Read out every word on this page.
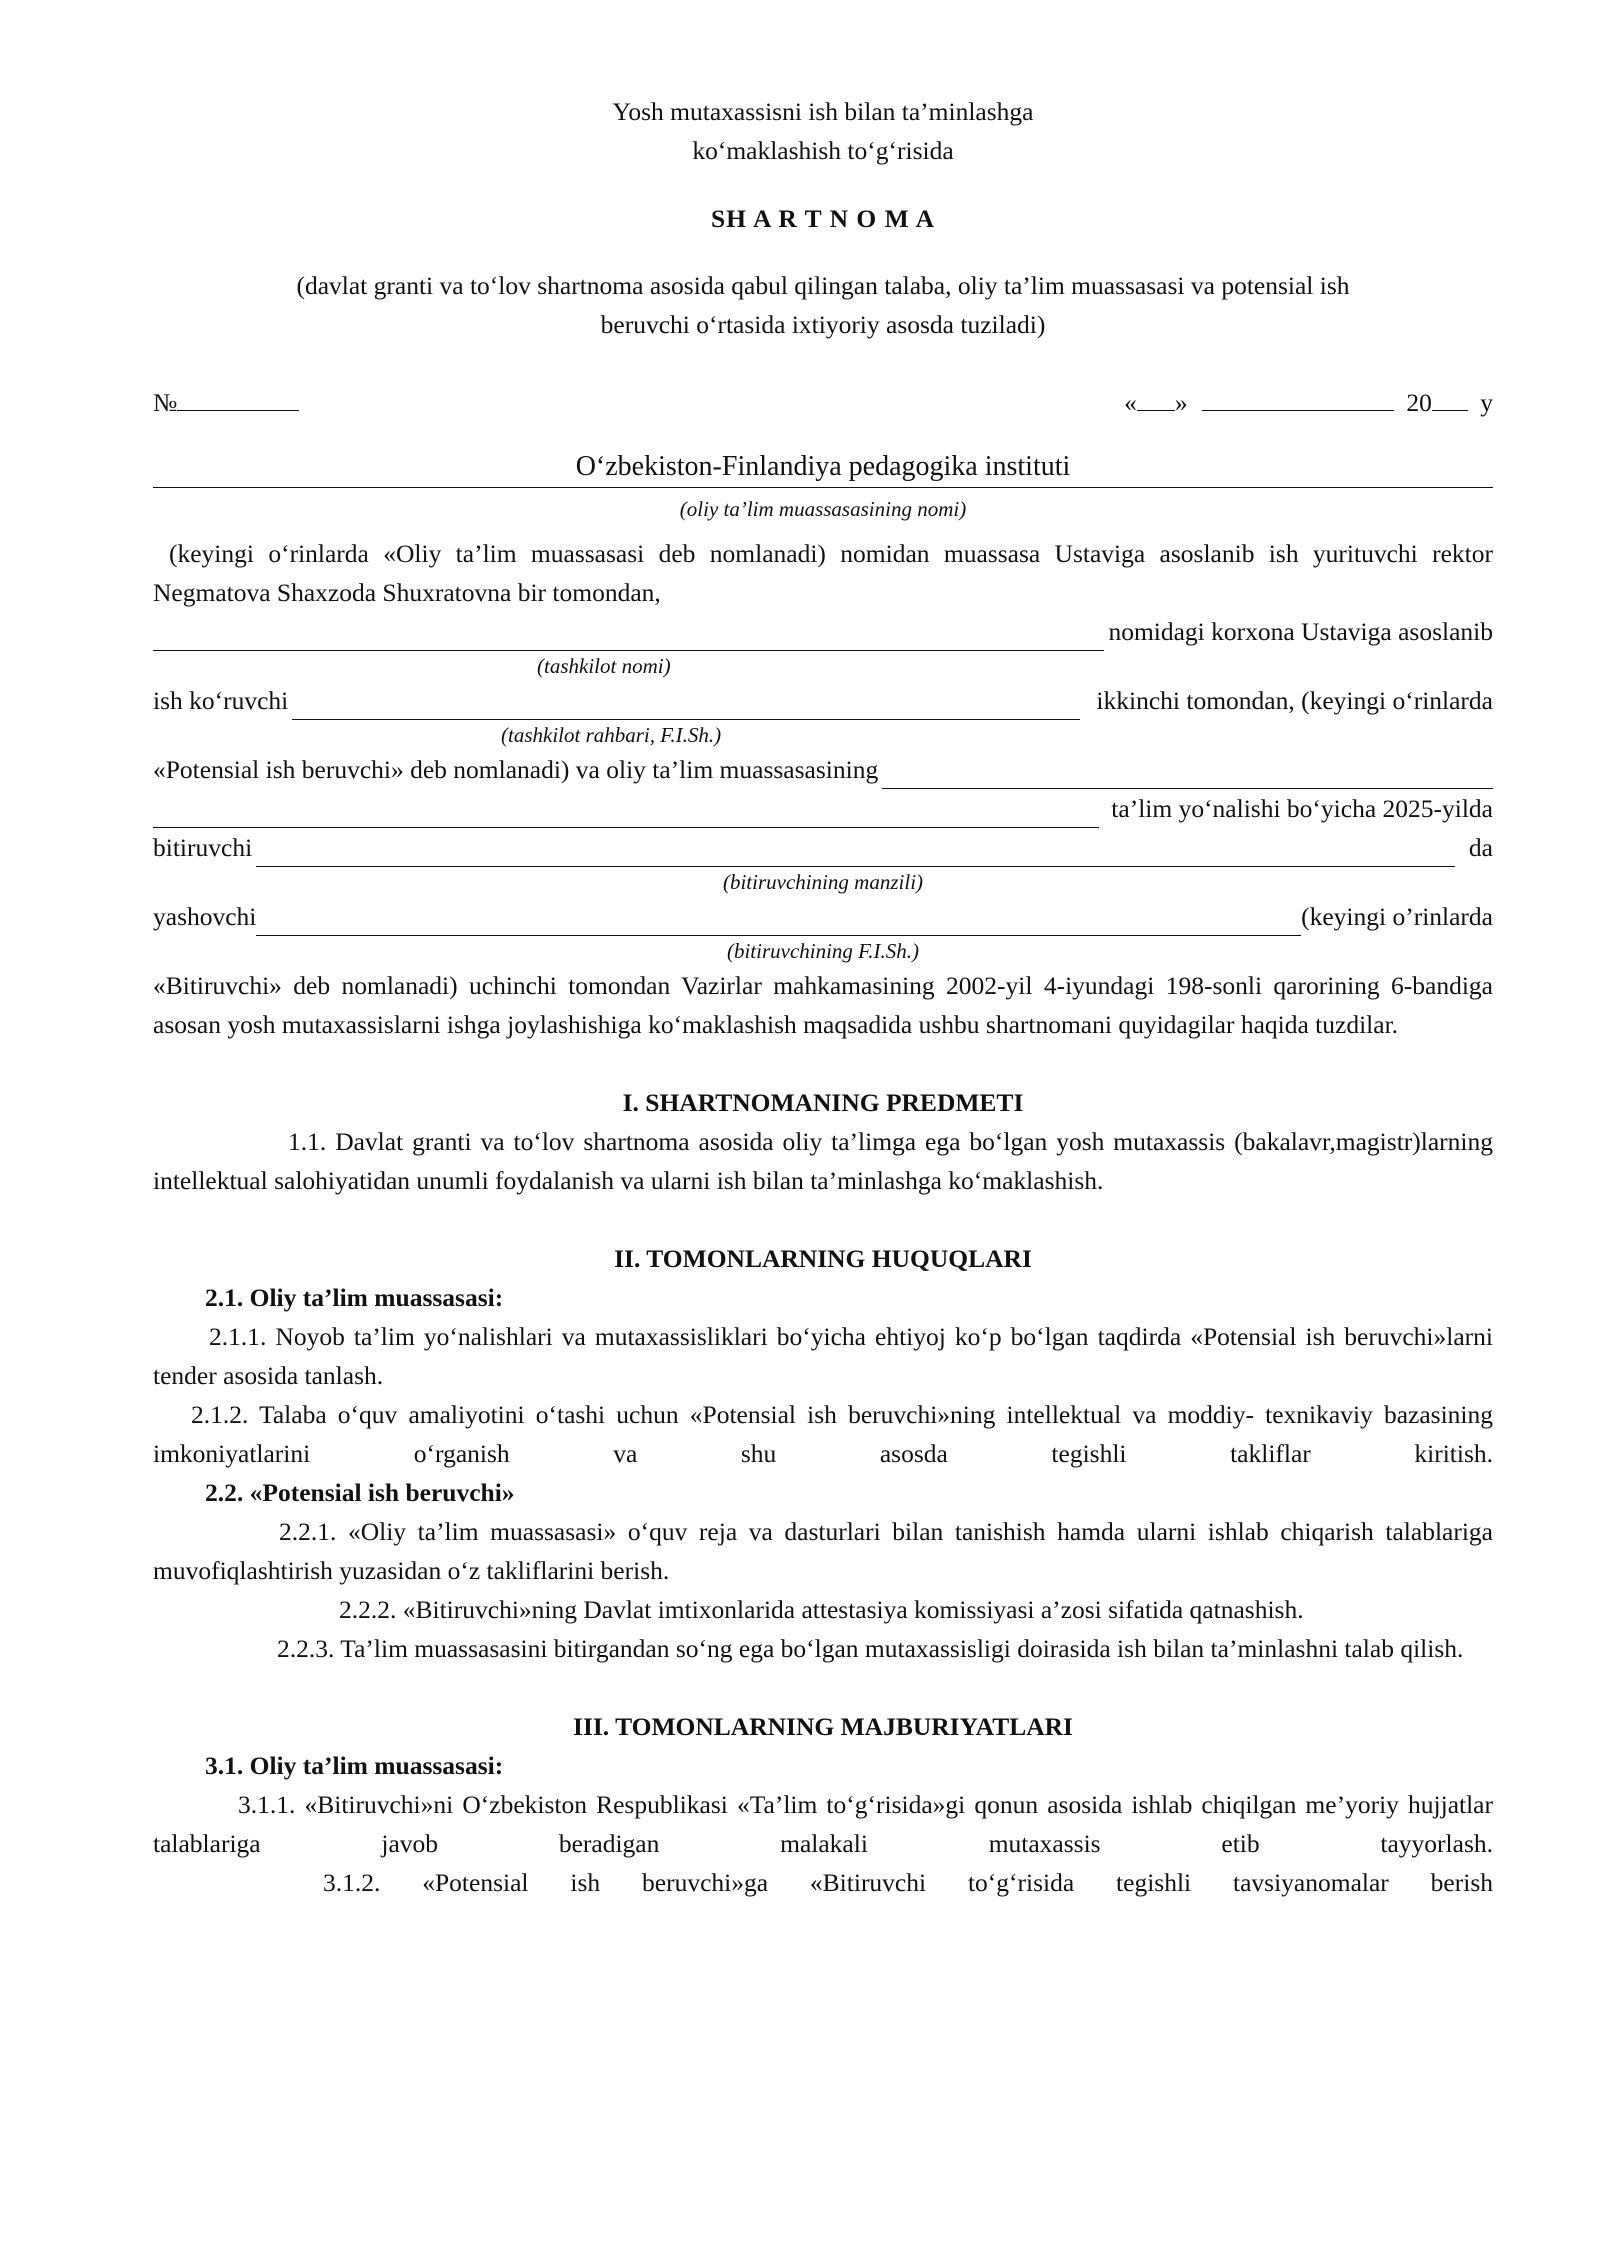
Yosh mutaxassisni ish bilan ta’minlashga

ko‘maklashish to‘g‘risida

SH A R T N O M A

(davlat granti va to‘lov shartnoma asosida qabul qilingan talaba, oliy ta’lim muassasasi va potensial ish

beruvchi o‘rtasida ixtiyoriy asosda tuziladi)

№	« »	20 y
O‘zbekiston-Finlandiya pedagogika instituti

(oliy ta’lim muassasasining nomi)

(keyingi o‘rinlarda «Oliy ta’lim muassasasi deb nomlanadi) nomidan muassasa Ustaviga asoslanib ish yurituvchi rektor Negmatova Shaxzoda Shuxratovna bir tomondan,

nomidagi korxona Ustaviga asoslanib

(tashkilot nomi)

ish ko‘ruvchi	ikkinchi tomondan, (keyingi o‘rinlarda

(tashkilot rahbari, F.I.Sh.)

«Potensial ish beruvchi» deb nomlanadi) va oliy ta’lim muassasasining
ta’lim yo‘nalishi bo‘yicha 2025-yilda
bitiruvchi	da

(bitiruvchining manzili)

yashovchi	(keyingi o’rinlarda

(bitiruvchining F.I.Sh.)

«Bitiruvchi» deb nomlanadi) uchinchi tomondan Vazirlar mahkamasining 2002-yil 4-iyundagi 198-sonli qarorining 6-bandiga asosan yosh mutaxassislarni ishga joylashishiga ko‘maklashish maqsadida ushbu shartnomani quyidagilar haqida tuzdilar.

I. SHARTNOMANING PREDMETI

1.1. Davlat granti va to‘lov shartnoma asosida oliy ta’limga ega bo‘lgan yosh mutaxassis (bakalavr,magistr)larning intellektual salohiyatidan unumli foydalanish va ularni ish bilan ta’minlashga ko‘maklashish.

II. TOMONLARNING HUQUQLARI

2.1. Oliy ta’lim muassasasi:

2.1.1. Noyob ta’lim yo‘nalishlari va mutaxassisliklari bo‘yicha ehtiyoj ko‘p bo‘lgan taqdirda «Potensial ish beruvchi»larni tender asosida tanlash.

2.1.2. Talaba o‘quv amaliyotini o‘tashi uchun «Potensial ish beruvchi»ning intellektual va moddiy- texnikaviy bazasining imkoniyatlarini o‘rganish va shu asosda tegishli takliflar kiritish.

2.2. «Potensial ish beruvchi»

2.2.1. «Oliy ta’lim muassasasi» o‘quv reja va dasturlari bilan tanishish hamda ularni ishlab chiqarish talablariga muvofiqlashtirish yuzasidan o‘z takliflarini berish.

2.2.2. «Bitiruvchi»ning Davlat imtixonlarida attestasiya komissiyasi a’zosi sifatida qatnashish.

2.2.3. Ta’lim muassasasini bitirgandan so‘ng ega bo‘lgan mutaxassisligi doirasida ish bilan ta’minlashni talab qilish.

III. TOMONLARNING MAJBURIYATLARI

3.1. Oliy ta’lim muassasasi:

3.1.1. «Bitiruvchi»ni O‘zbekiston Respublikasi «Ta’lim to‘g‘risida»gi qonun asosida ishlab chiqilgan me’yoriy hujjatlar talablariga javob beradigan malakali mutaxassis etib tayyorlash.

3.1.2. «Potensial ish beruvchi»ga «Bitiruvchi to‘g‘risida tegishli tavsiyanomalar berish
